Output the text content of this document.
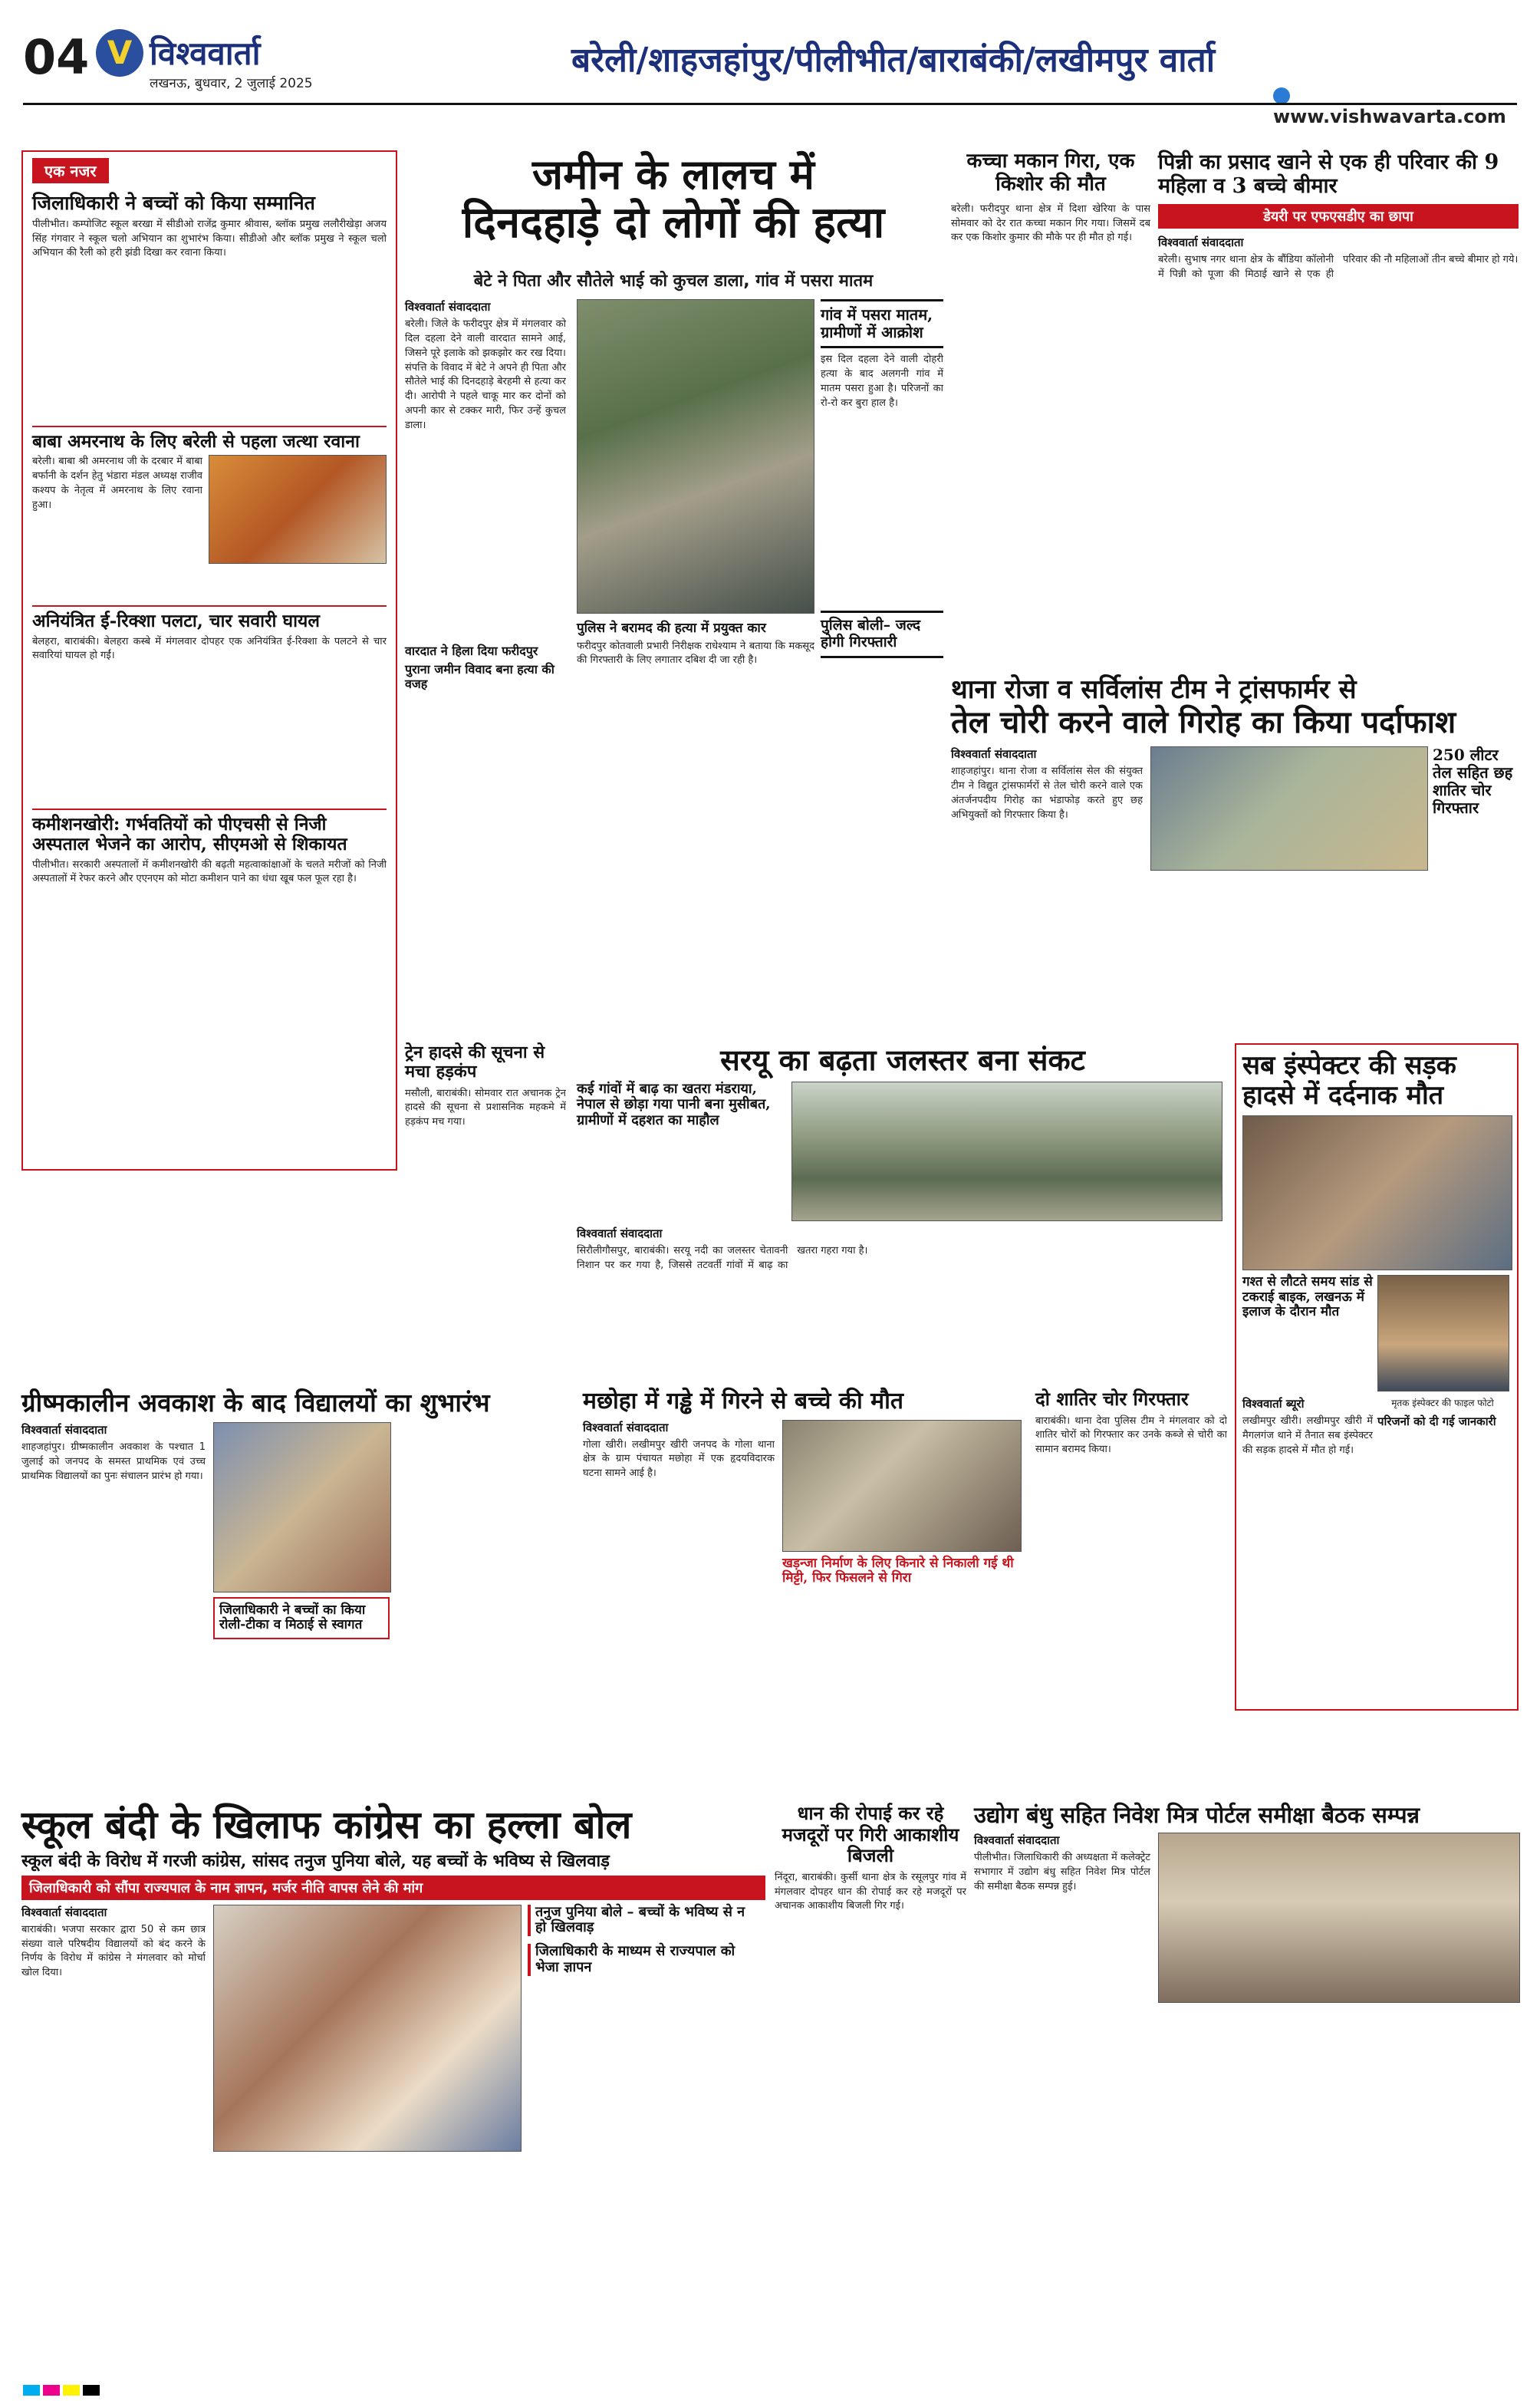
04 V विश्ववार्ता
लखनऊ, बुधवार, 2 जुलाई 2025
बरेली/शाहजहांपुर/पीलीभीत/बाराबंकी/लखीमपुर वार्ता
www.vishwavarta.com
एक नजर
जिलाधिकारी ने बच्चों को किया सम्मानित
पीलीभीत। कम्पोजिट स्कूल बरखा में सीडीओ राजेंद्र कुमार श्रीवास, ब्लॉक प्रमुख ललौरीखेड़ा अजय सिंह गंगवार ने स्कूल चलो अभियान का शुभारंभ किया। सीडीओ और ब्लॉक प्रमुख ने स्कूल चलो अभियान की रैली को हरी झंडी दिखा कर रवाना किया।
बाबा अमरनाथ के लिए बरेली से पहला जत्था रवाना
बरेली। बाबा श्री अमरनाथ जी के दरबार में बाबा बर्फानी के दर्शन हेतु भंडारा मंडल अध्यक्ष राजीव कश्यप के नेतृत्व में अमरनाथ के लिए रवाना हुआ।
अनियंत्रित ई-रिक्शा पलटा, चार सवारी घायल
बेलहरा, बाराबंकी। बेलहरा कस्बे में मंगलवार दोपहर एक अनियंत्रित ई-रिक्शा के पलटने से चार सवारियां घायल हो गईं।
कमीशनखोरी: गर्भवतियों को पीएचसी से निजी अस्पताल भेजने का आरोप, सीएमओ से शिकायत
पीलीभीत। सरकारी अस्पतालों में कमीशनखोरी की बढ़ती महत्वाकांक्षाओं के चलते मरीजों को निजी अस्पतालों में रेफर करने और एएनएम को मोटा कमीशन पाने का धंधा खूब फल फूल रहा है।
जमीन के लालच में
दिनदहाड़े दो लोगों की हत्या
बेटे ने पिता और सौतेले भाई को कुचल डाला, गांव में पसरा मातम
विश्ववार्ता संवाददाता
बरेली। जिले के फरीदपुर क्षेत्र में मंगलवार को दिल दहला देने वाली वारदात सामने आई, जिसने पूरे इलाके को झकझोर कर रख दिया। संपत्ति के विवाद में बेटे ने अपने ही पिता और सौतेले भाई की दिनदहाड़े बेरहमी से हत्या कर दी। आरोपी ने पहले चाकू मार कर दोनों को अपनी कार से टक्कर मारी, फिर उन्हें कुचल डाला।
वारदात ने हिला दिया फरीदपुर
पुराना जमीन विवाद बना हत्या की वजह
पुलिस ने बरामद की हत्या में प्रयुक्त कार
फरीदपुर कोतवाली प्रभारी निरीक्षक राधेश्याम ने बताया कि मकसूद की गिरफ्तारी के लिए लगातार दबिश दी जा रही है।
गांव में पसरा मातम, ग्रामीणों में आक्रोश
इस दिल दहला देने वाली दोहरी हत्या के बाद अलगनी गांव में मातम पसरा हुआ है। परिजनों का रो-रो कर बुरा हाल है।
पुलिस बोली– जल्द होगी गिरफ्तारी
कच्चा मकान गिरा, एक किशोर की मौत
बरेली। फरीदपुर थाना क्षेत्र में दिशा खेरिया के पास सोमवार को देर रात कच्चा मकान गिर गया। जिसमें दब कर एक किशोर कुमार की मौके पर ही मौत हो गई।
पिन्नी का प्रसाद खाने से एक ही परिवार की 9 महिला व 3 बच्चे बीमार
डेयरी पर एफएसडीए का छापा
विश्ववार्ता संवाददाता
बरेली। सुभाष नगर थाना क्षेत्र के बौंडिया कॉलोनी में पिन्नी को पूजा की मिठाई खाने से एक ही परिवार की नौ महिलाओं तीन बच्चे बीमार हो गये।
थाना रोजा व सर्विलांस टीम ने ट्रांसफार्मर से
तेल चोरी करने वाले गिरोह का किया पर्दाफाश
विश्ववार्ता संवाददाता
शाहजहांपुर। थाना रोजा व सर्विलांस सेल की संयुक्त टीम ने विद्युत ट्रांसफार्मरों से तेल चोरी करने वाले एक अंतर्जनपदीय गिरोह का भंडाफोड़ करते हुए छह अभियुक्तों को गिरफ्तार किया है।
250 लीटर तेल सहित छह शातिर चोर गिरफ्तार
ट्रेन हादसे की सूचना से मचा हड़कंप
मसौली, बाराबंकी। सोमवार रात अचानक ट्रेन हादसे की सूचना से प्रशासनिक महकमे में हड़कंप मच गया।
सरयू का बढ़ता जलस्तर बना संकट
कई गांवों में बाढ़ का खतरा मंडराया, नेपाल से छोड़ा गया पानी बना मुसीबत, ग्रामीणों में दहशत का माहौल
विश्ववार्ता संवाददाता
सिरौलीगौसपुर, बाराबंकी। सरयू नदी का जलस्तर चेतावनी निशान पर कर गया है, जिससे तटवर्ती गांवों में बाढ़ का खतरा गहरा गया है।
सब इंस्पेक्टर की सड़क
हादसे में दर्दनाक मौत
गश्त से लौटते समय सांड से टकराई बाइक, लखनऊ में इलाज के दौरान मौत
विश्ववार्ता ब्यूरो
लखीमपुर खीरी। लखीमपुर खीरी में मैगलगंज थाने में तैनात सब इंस्पेक्टर की सड़क हादसे में मौत हो गई।
मृतक इंस्पेक्टर की फाइल फोटो
परिजनों को दी गई जानकारी
ग्रीष्मकालीन अवकाश के बाद विद्यालयों का शुभारंभ
विश्ववार्ता संवाददाता
शाहजहांपुर। ग्रीष्मकालीन अवकाश के पश्चात 1 जुलाई को जनपद के समस्त प्राथमिक एवं उच्च प्राथमिक विद्यालयों का पुनः संचालन प्रारंभ हो गया।
जिलाधिकारी ने बच्चों का किया रोली-टीका व मिठाई से स्वागत
मछोहा में गड्ढे में गिरने से बच्चे की मौत
विश्ववार्ता संवाददाता
गोला खीरी। लखीमपुर खीरी जनपद के गोला थाना क्षेत्र के ग्राम पंचायत मछोहा में एक हृदयविदारक घटना सामने आई है।
खड़न्जा निर्माण के लिए किनारे से निकाली गई थी मिट्टी, फिर फिसलने से गिरा
दो शातिर चोर गिरफ्तार
बाराबंकी। थाना देवा पुलिस टीम ने मंगलवार को दो शातिर चोरों को गिरफ्तार कर उनके कब्जे से चोरी का सामान बरामद किया।
स्कूल बंदी के खिलाफ कांग्रेस का हल्ला बोल
स्कूल बंदी के विरोध में गरजी कांग्रेस, सांसद तनुज पुनिया बोले, यह बच्चों के भविष्य से खिलवाड़
जिलाधिकारी को सौंपा राज्यपाल के नाम ज्ञापन, मर्जर नीति वापस लेने की मांग
विश्ववार्ता संवाददाता
बाराबंकी। भजपा सरकार द्वारा 50 से कम छात्र संख्या वाले परिषदीय विद्यालयों को बंद करने के निर्णय के विरोध में कांग्रेस ने मंगलवार को मोर्चा खोल दिया।
तनुज पुनिया बोले – बच्चों के भविष्य से न हो खिलवाड़
जिलाधिकारी के माध्यम से राज्यपाल को भेजा ज्ञापन
धान की रोपाई कर रहे मजदूरों पर गिरी आकाशीय बिजली
निंदूरा, बाराबंकी। कुर्सी थाना क्षेत्र के रसूलपुर गांव में मंगलवार दोपहर धान की रोपाई कर रहे मजदूरों पर अचानक आकाशीय बिजली गिर गई।
उद्योग बंधु सहित निवेश मित्र पोर्टल समीक्षा बैठक सम्पन्न
विश्ववार्ता संवाददाता
पीलीभीत। जिलाधिकारी की अध्यक्षता में कलेक्ट्रेट सभागार में उद्योग बंधु सहित निवेश मित्र पोर्टल की समीक्षा बैठक सम्पन्न हुई।
